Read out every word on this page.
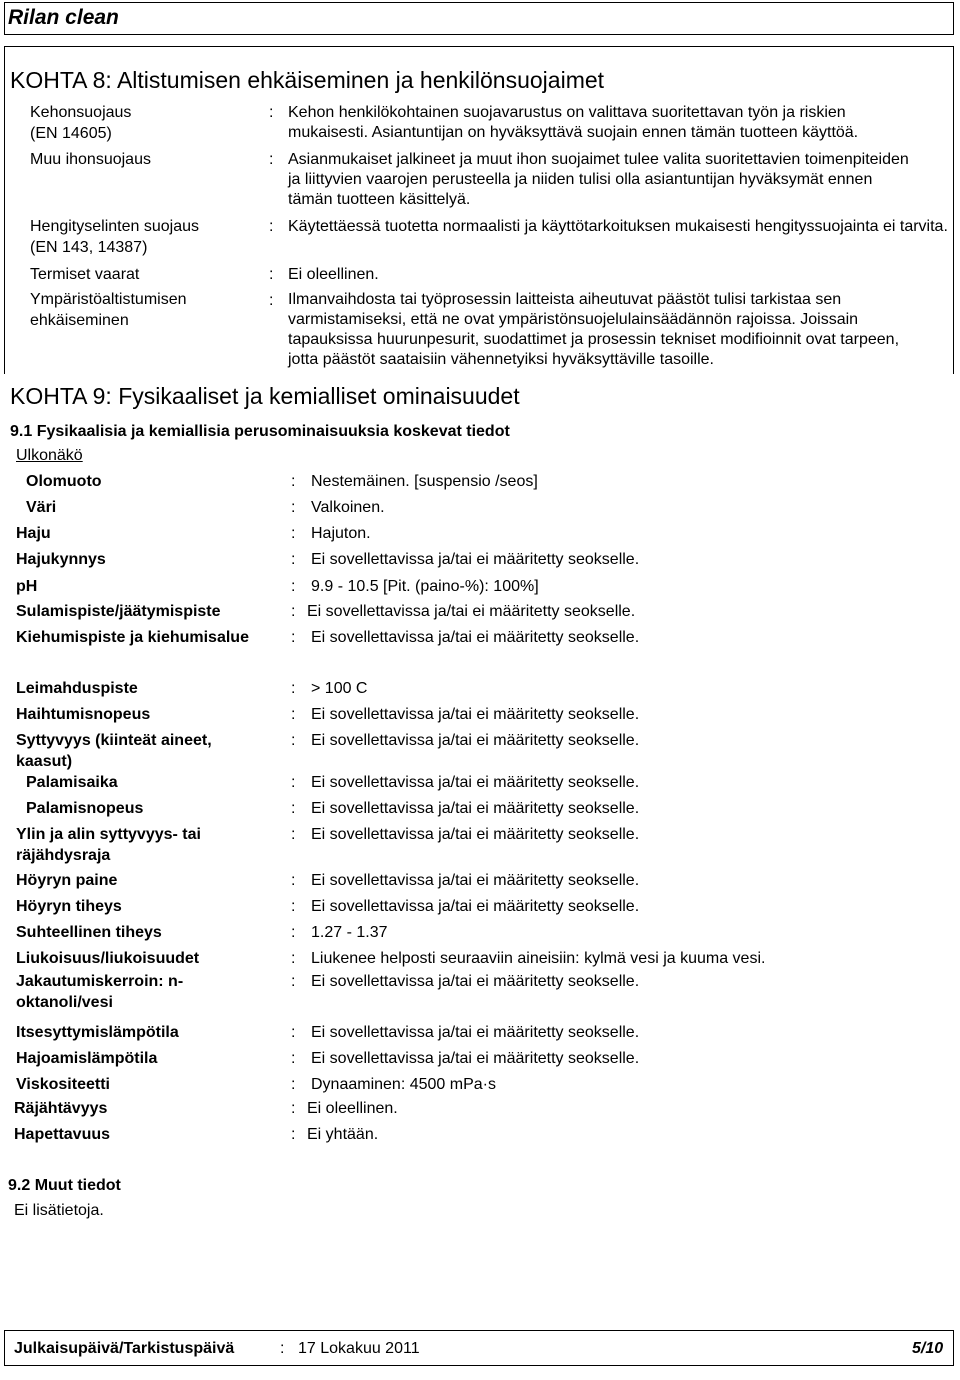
Rilan clean
KOHTA 8: Altistumisen ehkäiseminen ja henkilönsuojaimet
Kehonsuojaus
(EN 14605)
: Kehon henkilökohtainen suojavarustus on valittava suoritettavan työn ja riskien mukaisesti. Asiantuntijan on hyväksyttävä suojain ennen tämän tuotteen käyttöä.
Muu ihonsuojaus	: Asianmukaiset jalkineet ja muut ihon suojaimet tulee valita suoritettavien toimenpiteiden ja liittyvien vaarojen perusteella ja niiden tulisi olla asiantuntijan hyväksymät ennen tämän tuotteen käsittelyä.
Hengityselinten suojaus
(EN 143, 14387)
: Käytettäessä tuotetta normaalisti ja käyttötarkoituksen mukaisesti hengityssuojainta ei tarvita.
Termiset vaarat	: Ei oleellinen.
Ympäristöaltistumisen
ehkäiseminen
: Ilmanvaihdosta tai työprosessin laitteista aiheutuvat päästöt tulisi tarkistaa sen varmistamiseksi, että ne ovat ympäristönsuojelulainsäädännön rajoissa. Joissain tapauksissa huurunpesurit, suodattimet ja prosessin tekniset modifioinnit ovat tarpeen, jotta päästöt saataisiin vähennetyiksi hyväksyttäville tasoille.
KOHTA 9: Fysikaaliset ja kemialliset ominaisuudet
9.1 Fysikaalisia ja kemiallisia perusominaisuuksia koskevat tiedot
Ulkonäkö
Olomuoto	: Nestemäinen. [suspensio /seos]
Väri	: Valkoinen.
Haju	: Hajuton.
Hajukynnys	: Ei sovellettavissa ja/tai ei määritetty seokselle.
pH	: 9.9 - 10.5 [Pit. (paino-%): 100%]
Sulamispiste/jäätymispiste	: Ei sovellettavissa ja/tai ei määritetty seokselle.
Kiehumispiste ja kiehumisalue	: Ei sovellettavissa ja/tai ei määritetty seokselle.
Leimahduspiste	: > 100 C
Haihtumisnopeus	: Ei sovellettavissa ja/tai ei määritetty seokselle.
Syttyvyys (kiinteät aineet,
kaasut)
: Ei sovellettavissa ja/tai ei määritetty seokselle.
Palamisaika	: Ei sovellettavissa ja/tai ei määritetty seokselle.
Palamisnopeus	: Ei sovellettavissa ja/tai ei määritetty seokselle.
Ylin ja alin syttyvyys- tai
räjähdysraja
: Ei sovellettavissa ja/tai ei määritetty seokselle.
Höyryn paine	: Ei sovellettavissa ja/tai ei määritetty seokselle.
Höyryn tiheys	: Ei sovellettavissa ja/tai ei määritetty seokselle.
Suhteellinen tiheys	: 1.27 - 1.37
Liukoisuus/liukoisuudet	: Liukenee helposti seuraaviin aineisiin: kylmä vesi ja kuuma vesi.
Jakautumiskerroin: n-
oktanoli/vesi
: Ei sovellettavissa ja/tai ei määritetty seokselle.
Itsesyttymislämpötila	: Ei sovellettavissa ja/tai ei määritetty seokselle.
Hajoamislämpötila	: Ei sovellettavissa ja/tai ei määritetty seokselle.
Viskositeetti	: Dynaaminen: 4500 mPa·s
Räjähtävyys	: Ei oleellinen.
Hapettavuus	: Ei yhtään.
9.2 Muut tiedot
Ei lisätietoja.
Julkaisupäivä/Tarkistuspäivä	: 17 Lokakuu 2011	5/10
